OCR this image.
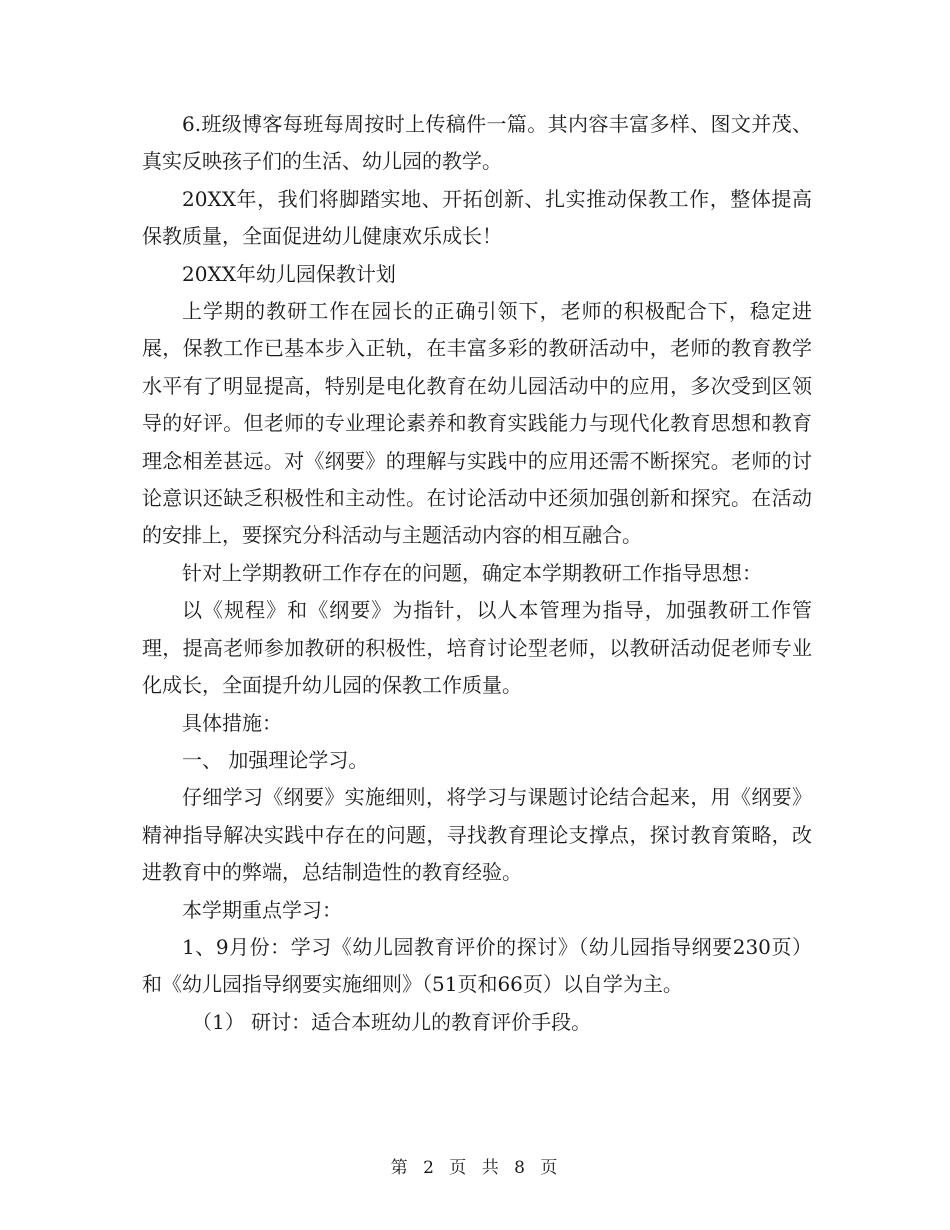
6.班级博客每班每周按时上传稿件一篇。其内容丰富多样、图文并茂、真实反映孩子们的生活、幼儿园的教学。

20XX年，我们将脚踏实地、开拓创新、扎实推动保教工作，整体提高保教质量，全面促进幼儿健康欢乐成长！

20XX年幼儿园保教计划

上学期的教研工作在园长的正确引领下，老师的积极配合下，稳定进展，保教工作已基本步入正轨，在丰富多彩的教研活动中，老师的教育教学水平有了明显提高，特别是电化教育在幼儿园活动中的应用，多次受到区领导的好评。但老师的专业理论素养和教育实践能力与现代化教育思想和教育理念相差甚远。对《纲要》的理解与实践中的应用还需不断探究。老师的讨论意识还缺乏积极性和主动性。在讨论活动中还须加强创新和探究。在活动的安排上，要探究分科活动与主题活动内容的相互融合。

针对上学期教研工作存在的问题，确定本学期教研工作指导思想：

以《规程》和《纲要》为指针，以人本管理为指导，加强教研工作管理，提高老师参加教研的积极性，培育讨论型老师，以教研活动促老师专业化成长，全面提升幼儿园的保教工作质量。

具体措施：

一、 加强理论学习。

仔细学习《纲要》实施细则，将学习与课题讨论结合起来，用《纲要》精神指导解决实践中存在的问题，寻找教育理论支撑点，探讨教育策略，改进教育中的弊端，总结制造性的教育经验。

本学期重点学习：

1、9月份：学习《幼儿园教育评价的探讨》（幼儿园指导纲要230页）和《幼儿园指导纲要实施细则》（51页和66页）以自学为主。

（1） 研讨：适合本班幼儿的教育评价手段。

第 2 页 共 8 页
